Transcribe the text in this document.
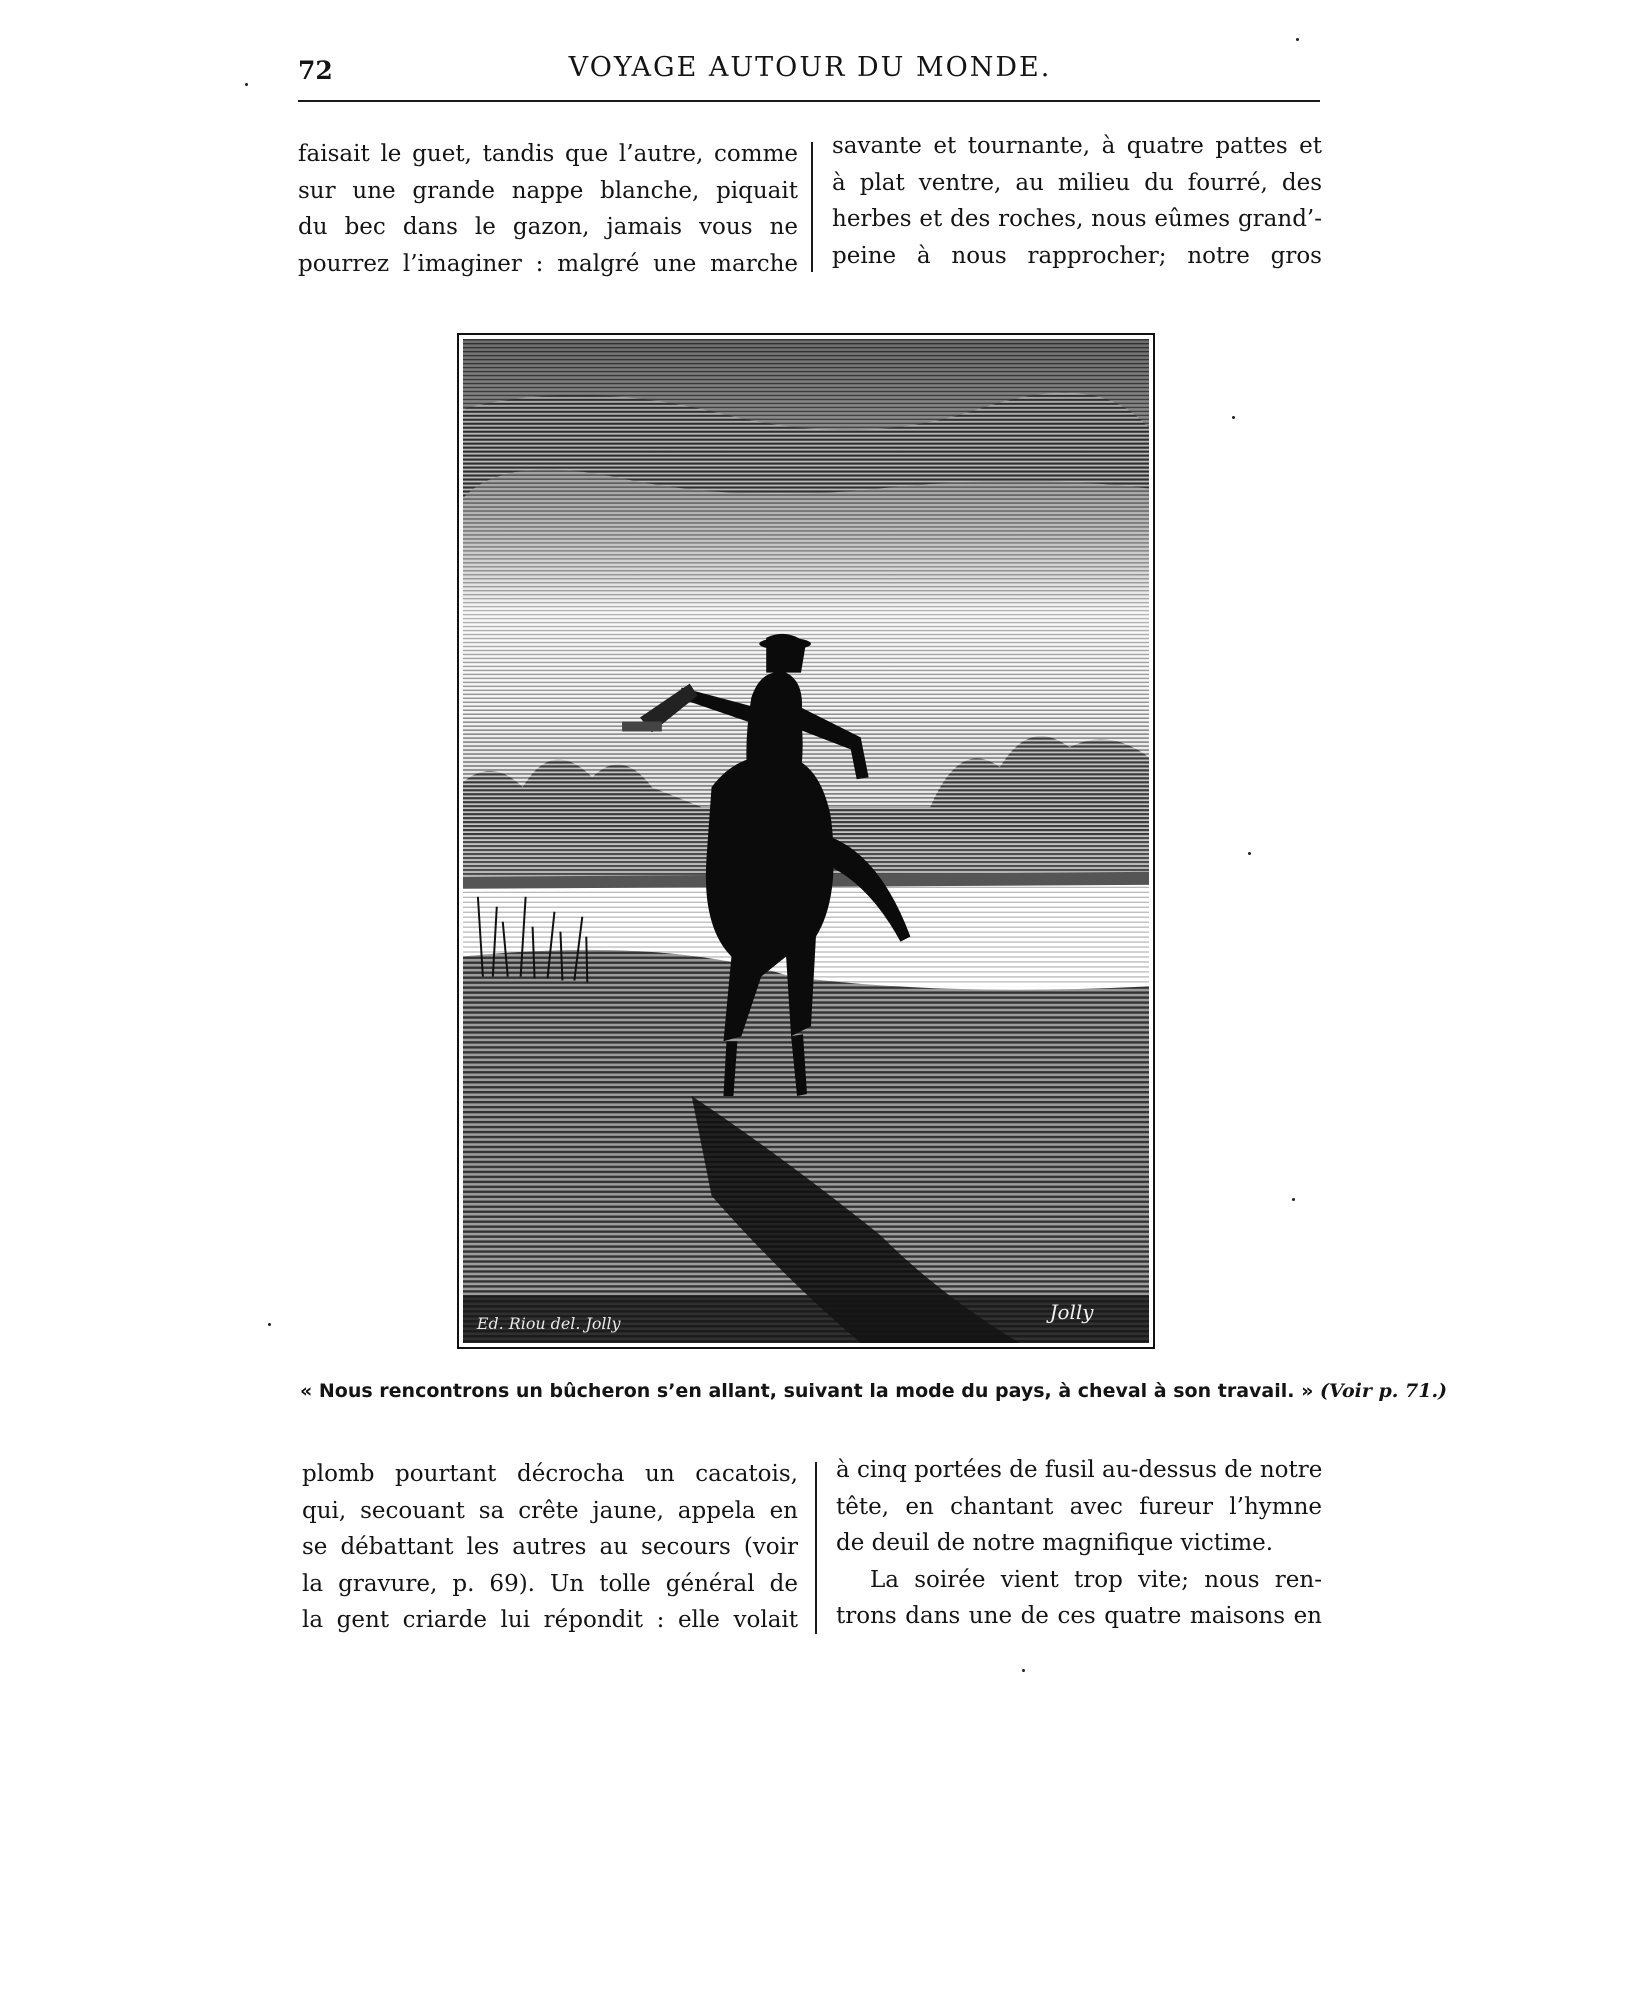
72	VOYAGE AUTOUR DU MONDE.
faisait le guet, tandis que l’autre, comme
sur une grande nappe blanche, piquait
du bec dans le gazon, jamais vous ne
pourrez l’imaginer : malgré une marche
savante et tournante, à quatre pattes et
à plat ventre, au milieu du fourré, des
herbes et des roches, nous eûmes grand’-
peine à nous rapprocher; notre gros
Ed. Riou del. Jolly	Jolly
« Nous rencontrons un bûcheron s’en allant, suivant la mode du pays, à cheval à son travail. » (Voir p. 71.)
plomb pourtant décrocha un cacatois,
qui, secouant sa crête jaune, appela en
se débattant les autres au secours (voir
la gravure, p. 69). Un tolle général de
la gent criarde lui répondit : elle volait
à cinq portées de fusil au-dessus de notre
tête, en chantant avec fureur l’hymne
de deuil de notre magnifique victime.
La soirée vient trop vite; nous ren-
trons dans une de ces quatre maisons en
